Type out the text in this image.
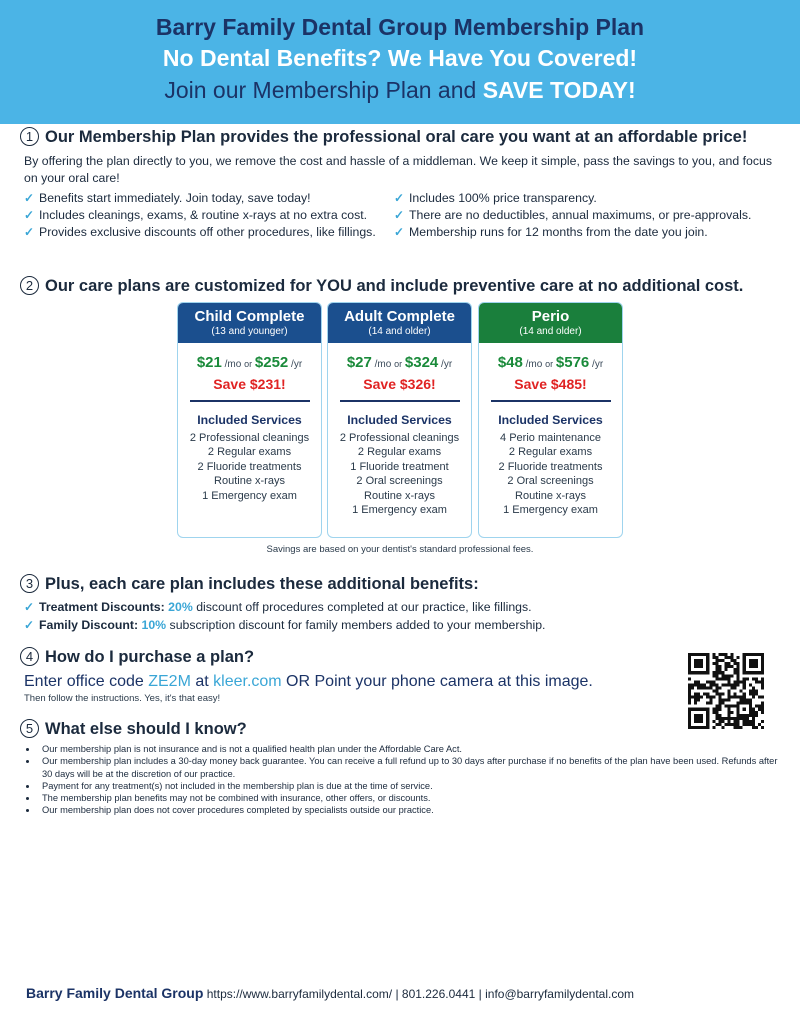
Barry Family Dental Group Membership Plan
No Dental Benefits? We Have You Covered!
Join our Membership Plan and SAVE TODAY!
1 Our Membership Plan provides the professional oral care you want at an affordable price!
By offering the plan directly to you, we remove the cost and hassle of a middleman. We keep it simple, pass the savings to you, and focus on your oral care!
✓ Benefits start immediately. Join today, save today!
✓ Includes cleanings, exams, & routine x-rays at no extra cost.
✓ Provides exclusive discounts off other procedures, like fillings.
✓ Includes 100% price transparency.
✓ There are no deductibles, annual maximums, or pre-approvals.
✓ Membership runs for 12 months from the date you join.
2 Our care plans are customized for YOU and include preventive care at no additional cost.
Child Complete
(13 and younger)
$21 /mo or $252 /yr
Save $231!
Included Services
2 Professional cleanings
2 Regular exams
2 Fluoride treatments
Routine x-rays
1 Emergency exam
Adult Complete
(14 and older)
$27 /mo or $324 /yr
Save $326!
Included Services
2 Professional cleanings
2 Regular exams
1 Fluoride treatment
2 Oral screenings
Routine x-rays
1 Emergency exam
Perio
(14 and older)
$48 /mo or $576 /yr
Save $485!
Included Services
4 Perio maintenance
2 Regular exams
2 Fluoride treatments
2 Oral screenings
Routine x-rays
1 Emergency exam
Savings are based on your dentist's standard professional fees.
3 Plus, each care plan includes these additional benefits:
✓ Treatment Discounts: 20% discount off procedures completed at our practice, like fillings.
✓ Family Discount: 10% subscription discount for family members added to your membership.
4 How do I purchase a plan?
Enter office code ZE2M at kleer.com OR Point your phone camera at this image.
Then follow the instructions. Yes, it's that easy!
5 What else should I know?
• Our membership plan is not insurance and is not a qualified health plan under the Affordable Care Act.
• Our membership plan includes a 30-day money back guarantee. You can receive a full refund up to 30 days after purchase if no benefits of the plan have been used. Refunds after 30 days will be at the discretion of our practice.
• Payment for any treatment(s) not included in the membership plan is due at the time of service.
• The membership plan benefits may not be combined with insurance, other offers, or discounts.
• Our membership plan does not cover procedures completed by specialists outside our practice.
Barry Family Dental Group https://www.barryfamilydental.com/ | 801.226.0441 | info@barryfamilydental.com
